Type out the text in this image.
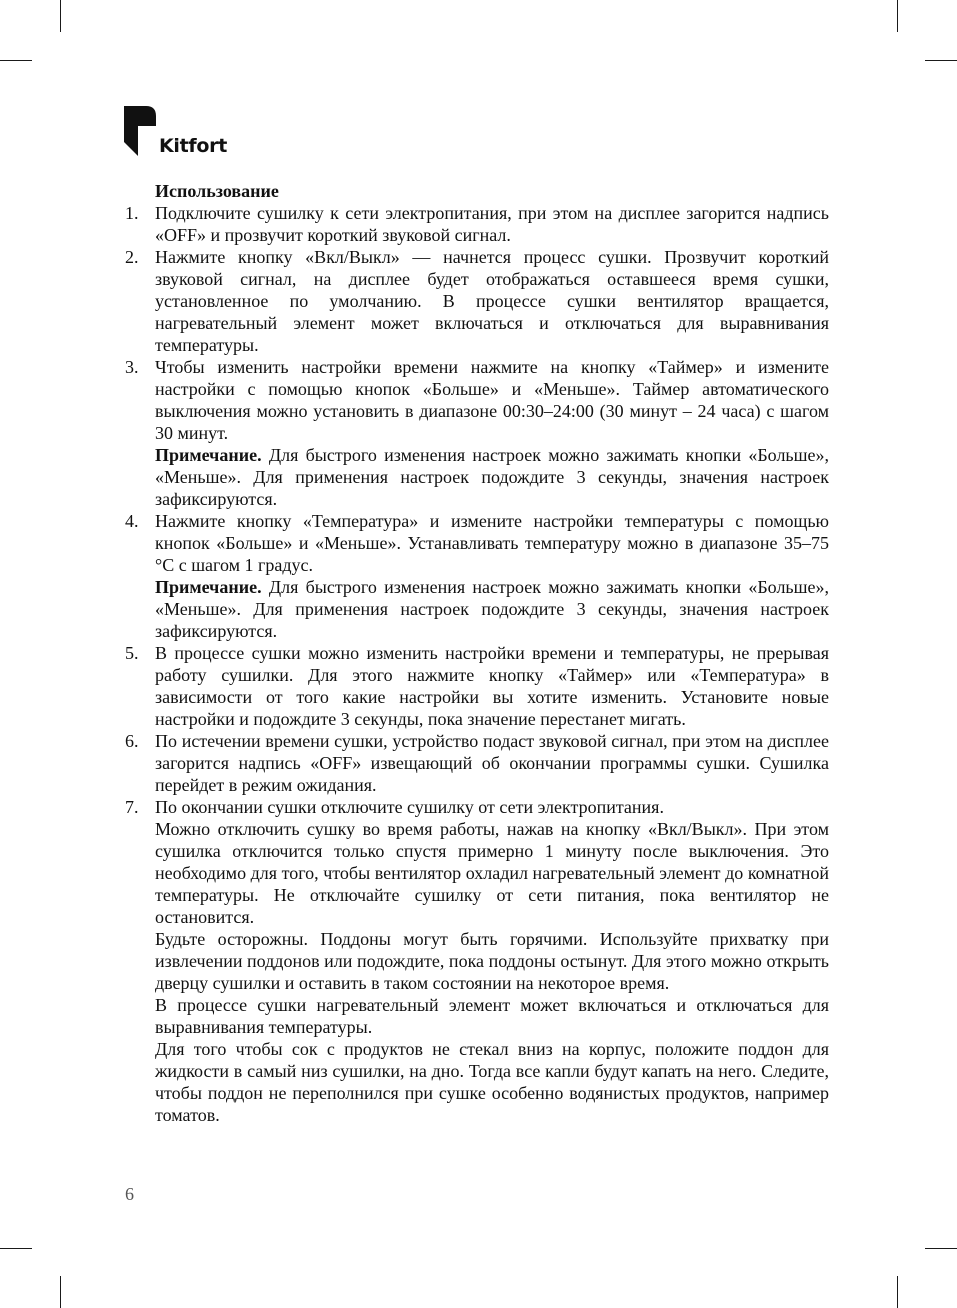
Kitfort

Использование

1. Подключите сушилку к сети электропитания, при этом на дисплее загорится надпись «OFF» и прозвучит короткий звуковой сигнал.
2. Нажмите кнопку «Вкл/Выкл» — начнется процесс сушки. Прозвучит короткий звуковой сигнал, на дисплее будет отображаться оставшееся время сушки, установленное по умолчанию. В процессе сушки вентилятор вращается, нагревательный элемент может включаться и отключаться для выравнивания температуры.
3. Чтобы изменить настройки времени нажмите на кнопку «Таймер» и измените настройки с помощью кнопок «Больше» и «Меньше». Таймер автоматического выключения можно установить в диапазоне 00:30–24:00 (30 минут – 24 часа) с шагом 30 минут.

Примечание. Для быстрого изменения настроек можно зажимать кнопки «Больше», «Меньше». Для применения настроек подождите 3 секунды, значения настроек зафиксируются.

4. Нажмите кнопку «Температура» и измените настройки температуры с помощью кнопок «Больше» и «Меньше». Устанавливать температуру можно в диапазоне 35–75 °C с шагом 1 градус.

Примечание. Для быстрого изменения настроек можно зажимать кнопки «Больше», «Меньше». Для применения настроек подождите 3 секунды, значения настроек зафиксируются.

5. В процессе сушки можно изменить настройки времени и температуры, не прерывая работу сушилки. Для этого нажмите кнопку «Таймер» или «Температура» в зависимости от того какие настройки вы хотите изменить. Установите новые настройки и подождите 3 секунды, пока значение перестанет мигать.
6. По истечении времени сушки, устройство подаст звуковой сигнал, при этом на дисплее загорится надпись «OFF» извещающий об окончании программы сушки. Сушилка перейдет в режим ожидания.
7. По окончании сушки отключите сушилку от сети электропитания.

Можно отключить сушку во время работы, нажав на кнопку «Вкл/Выкл». При этом сушилка отключится только спустя примерно 1 минуту после выключения. Это необходимо для того, чтобы вентилятор охладил нагревательный элемент до комнатной температуры. Не отключайте сушилку от сети питания, пока вентилятор не остановится.

Будьте осторожны. Поддоны могут быть горячими. Используйте прихватку при извлечении поддонов или подождите, пока поддоны остынут. Для этого можно открыть дверцу сушилки и оставить в таком состоянии на некоторое время.

В процессе сушки нагревательный элемент может включаться и отключаться для выравнивания температуры.

Для того чтобы сок с продуктов не стекал вниз на корпус, положите поддон для жидкости в самый низ сушилки, на дно. Тогда все капли будут капать на него. Следите, чтобы поддон не переполнился при сушке особенно водянистых продуктов, например томатов.

6
